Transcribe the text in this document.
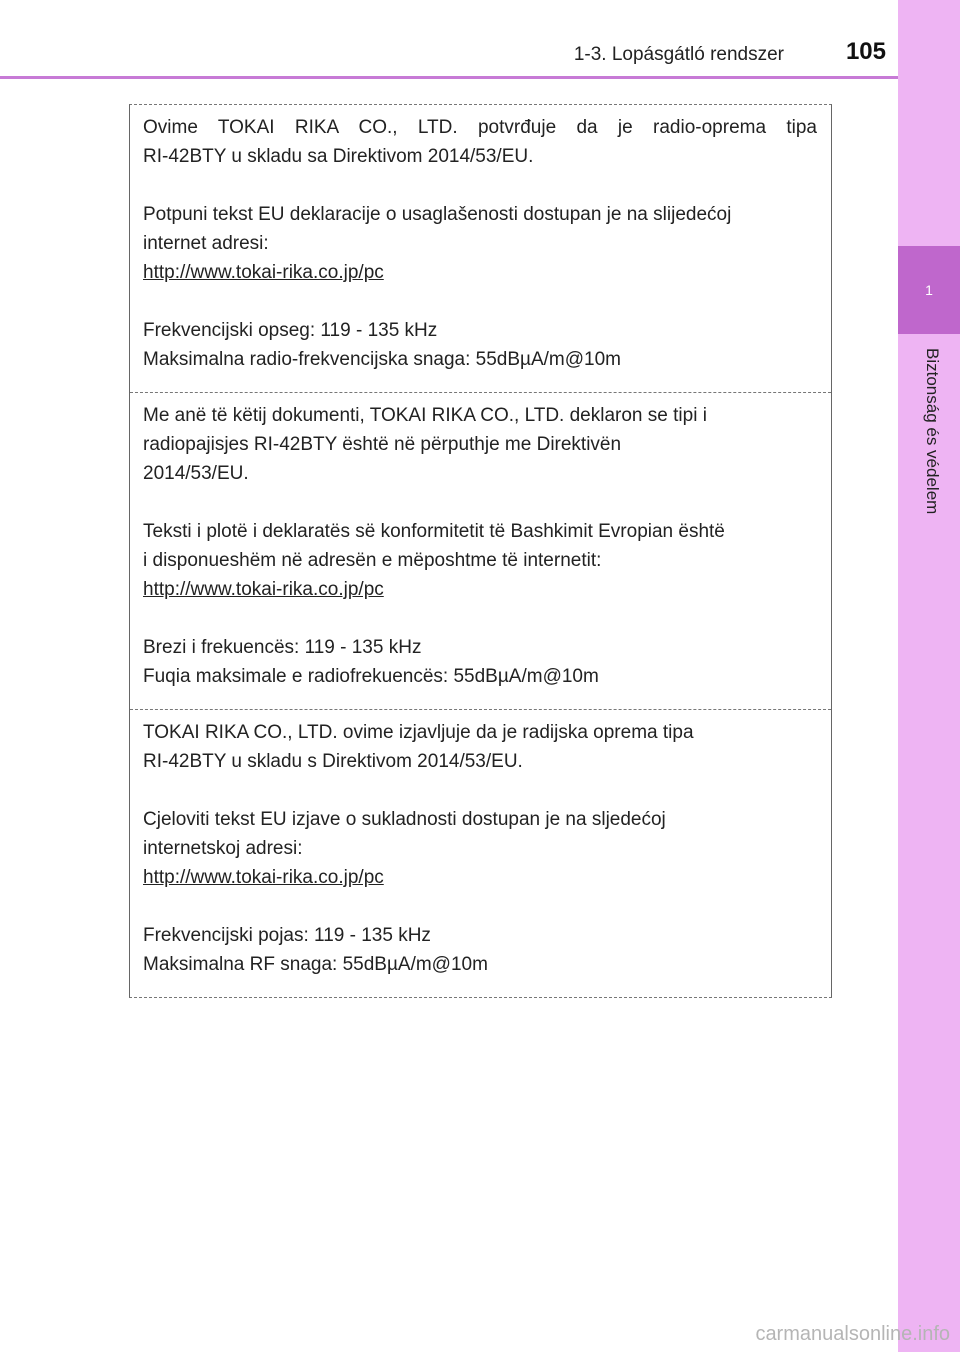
1
Biztonság és védelem
1-3. Lopásgátló rendszer	105

Ovime TOKAI RIKA CO., LTD. potvrđuje da je radio-oprema tipa

RI-42BTY u skladu sa Direktivom 2014/53/EU.

Potpuni tekst EU deklaracije o usaglašenosti dostupan je na slijedećoj

internet adresi:

http://www.tokai-rika.co.jp/pc

Frekvencijski opseg: 119 - 135 kHz

Maksimalna radio-frekvencijska snaga: 55dBµA/m@10m

Me anë të këtij dokumenti, TOKAI RIKA CO., LTD. deklaron se tipi i

radiopajisjes RI-42BTY është në përputhje me Direktivën

2014/53/EU.

Teksti i plotë i deklaratës së konformitetit të Bashkimit Evropian është

i disponueshëm në adresën e mëposhtme të internetit:

http://www.tokai-rika.co.jp/pc

Brezi i frekuencës: 119 - 135 kHz

Fuqia maksimale e radiofrekuencës: 55dBµA/m@10m

TOKAI RIKA CO., LTD. ovime izjavljuje da je radijska oprema tipa

RI-42BTY u skladu s Direktivom 2014/53/EU.

Cjeloviti tekst EU izjave o sukladnosti dostupan je na sljedećoj

internetskoj adresi:

http://www.tokai-rika.co.jp/pc

Frekvencijski pojas: 119 - 135 kHz

Maksimalna RF snaga: 55dBµA/m@10m

carmanualsonline.info
